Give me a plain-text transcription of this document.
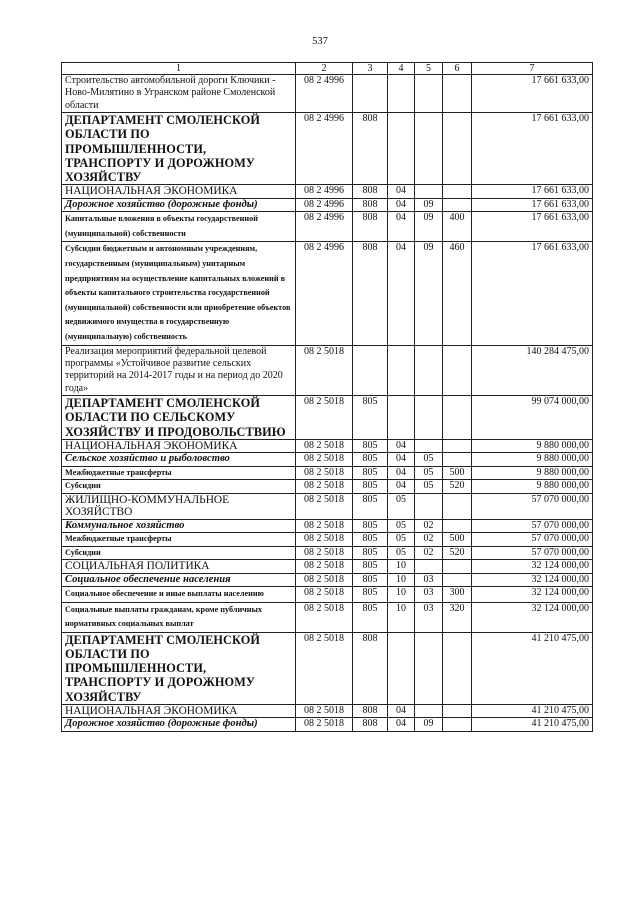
537
1	2	3	4	5	6	7
Строительство автомобильной дороги Ключики - Ново-Милятино в Угранском районе Смоленской области	08 2 4996					17 661 633,00
ДЕПАРТАМЕНТ СМОЛЕНСКОЙ ОБЛАСТИ ПО ПРОМЫШЛЕННОСТИ, ТРАНСПОРТУ И ДОРОЖНОМУ ХОЗЯЙСТВУ	08 2 4996	808				17 661 633,00
НАЦИОНАЛЬНАЯ ЭКОНОМИКА	08 2 4996	808	04			17 661 633,00
Дорожное хозяйство (дорожные фонды)	08 2 4996	808	04	09		17 661 633,00
Капитальные вложения в объекты государственной (муниципальной) собственности	08 2 4996	808	04	09	400	17 661 633,00
Субсидии бюджетным и автономным учреждениям, государственным (муниципальным) унитарным предприятиям на осуществление капитальных вложений в объекты капитального строительства государственной (муниципальной) собственности или приобретение объектов недвижимого имущества в государственную (муниципальную) собственность	08 2 4996	808	04	09	460	17 661 633,00
Реализация мероприятий федеральной целевой программы «Устойчивое развитие сельских территорий на 2014-2017 годы и на период до 2020 года»	08 2 5018					140 284 475,00
ДЕПАРТАМЕНТ СМОЛЕНСКОЙ ОБЛАСТИ ПО СЕЛЬСКОМУ ХОЗЯЙСТВУ И ПРОДОВОЛЬСТВИЮ	08 2 5018	805				99 074 000,00
НАЦИОНАЛЬНАЯ ЭКОНОМИКА	08 2 5018	805	04			9 880 000,00
Сельское хозяйство и рыболовство	08 2 5018	805	04	05		9 880 000,00
Межбюджетные трансферты	08 2 5018	805	04	05	500	9 880 000,00
Субсидии	08 2 5018	805	04	05	520	9 880 000,00
ЖИЛИЩНО-КОММУНАЛЬНОЕ ХОЗЯЙСТВО	08 2 5018	805	05			57 070 000,00
Коммунальное хозяйство	08 2 5018	805	05	02		57 070 000,00
Межбюджетные трансферты	08 2 5018	805	05	02	500	57 070 000,00
Субсидии	08 2 5018	805	05	02	520	57 070 000,00
СОЦИАЛЬНАЯ ПОЛИТИКА	08 2 5018	805	10			32 124 000,00
Социальное обеспечение населения	08 2 5018	805	10	03		32 124 000,00
Социальное обеспечение и иные выплаты населению	08 2 5018	805	10	03	300	32 124 000,00
Социальные выплаты гражданам, кроме публичных нормативных социальных выплат	08 2 5018	805	10	03	320	32 124 000,00
ДЕПАРТАМЕНТ СМОЛЕНСКОЙ ОБЛАСТИ ПО ПРОМЫШЛЕННОСТИ, ТРАНСПОРТУ И ДОРОЖНОМУ ХОЗЯЙСТВУ	08 2 5018	808				41 210 475,00
НАЦИОНАЛЬНАЯ ЭКОНОМИКА	08 2 5018	808	04			41 210 475,00
Дорожное хозяйство (дорожные фонды)	08 2 5018	808	04	09		41 210 475,00
